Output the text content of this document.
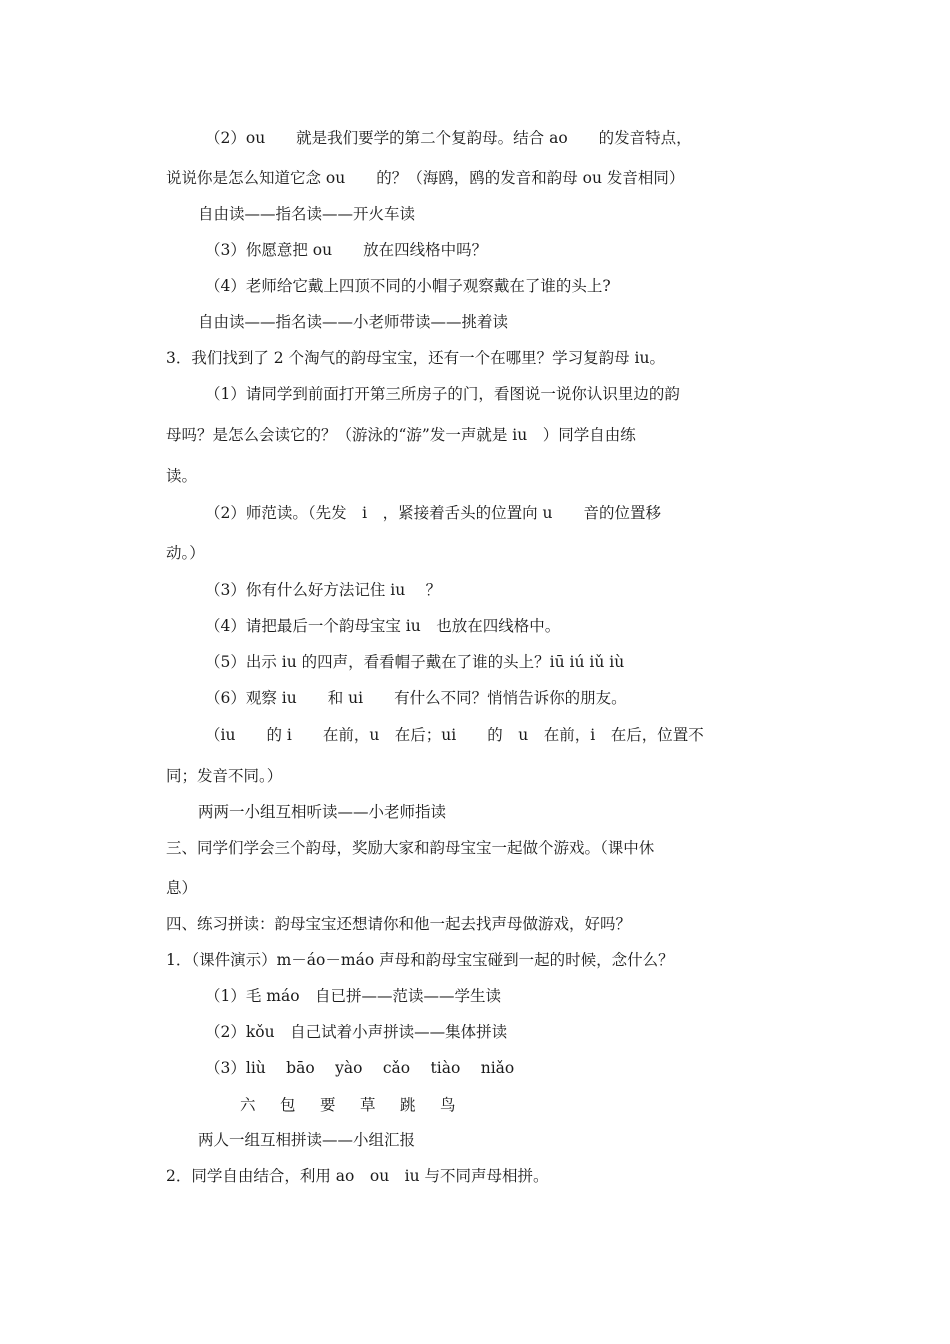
（2）ou　　就是我们要学的第二个复韵母。结合 ao　　的发音特点，
说说你是怎么知道它念 ou　　的？（海鸥，鸥的发音和韵母 ou 发音相同）
自由读——指名读——开火车读
（3）你愿意把 ou　　放在四线格中吗？
（4）老师给它戴上四顶不同的小帽子观察戴在了谁的头上?
自由读——指名读——小老师带读——挑着读
3．我们找到了 2 个淘气的韵母宝宝，还有一个在哪里？学习复韵母 iu。
（1）请同学到前面打开第三所房子的门，看图说一说你认识里边的韵
母吗？是怎么会读它的？（游泳的“游”发一声就是 iu　）同学自由练
读。
（2）师范读。（先发　i　，紧接着舌头的位置向 u　　音的位置移
动。）
（3）你有什么好方法记住 iu　 ？
（4）请把最后一个韵母宝宝 iu　也放在四线格中。
（5）出示 iu 的四声，看看帽子戴在了谁的头上？iū iú iǔ iù
（6）观察 iu　　和 ui　　有什么不同？悄悄告诉你的朋友。
（iu　　的 i　　在前，u　在后；ui　　的　u　在前，i　在后，位置不
同；发音不同。）
两两一小组互相听读——小老师指读
三、同学们学会三个韵母，奖励大家和韵母宝宝一起做个游戏。（课中休
息）
四、练习拼读：韵母宝宝还想请你和他一起去找声母做游戏，好吗？
1．（课件演示）m－áo－máo 声母和韵母宝宝碰到一起的时候，念什么？
（1）毛 máo　自已拼——范读——学生读
（2）kǒu　自己试着小声拼读——集体拼读
（3）liù　 bāo　 yào　 cǎo　 tiào　 niǎo
六	包	要	草	跳	鸟
两人一组互相拼读——小组汇报
2．同学自由结合，利用 ao　ou　iu 与不同声母相拼。
